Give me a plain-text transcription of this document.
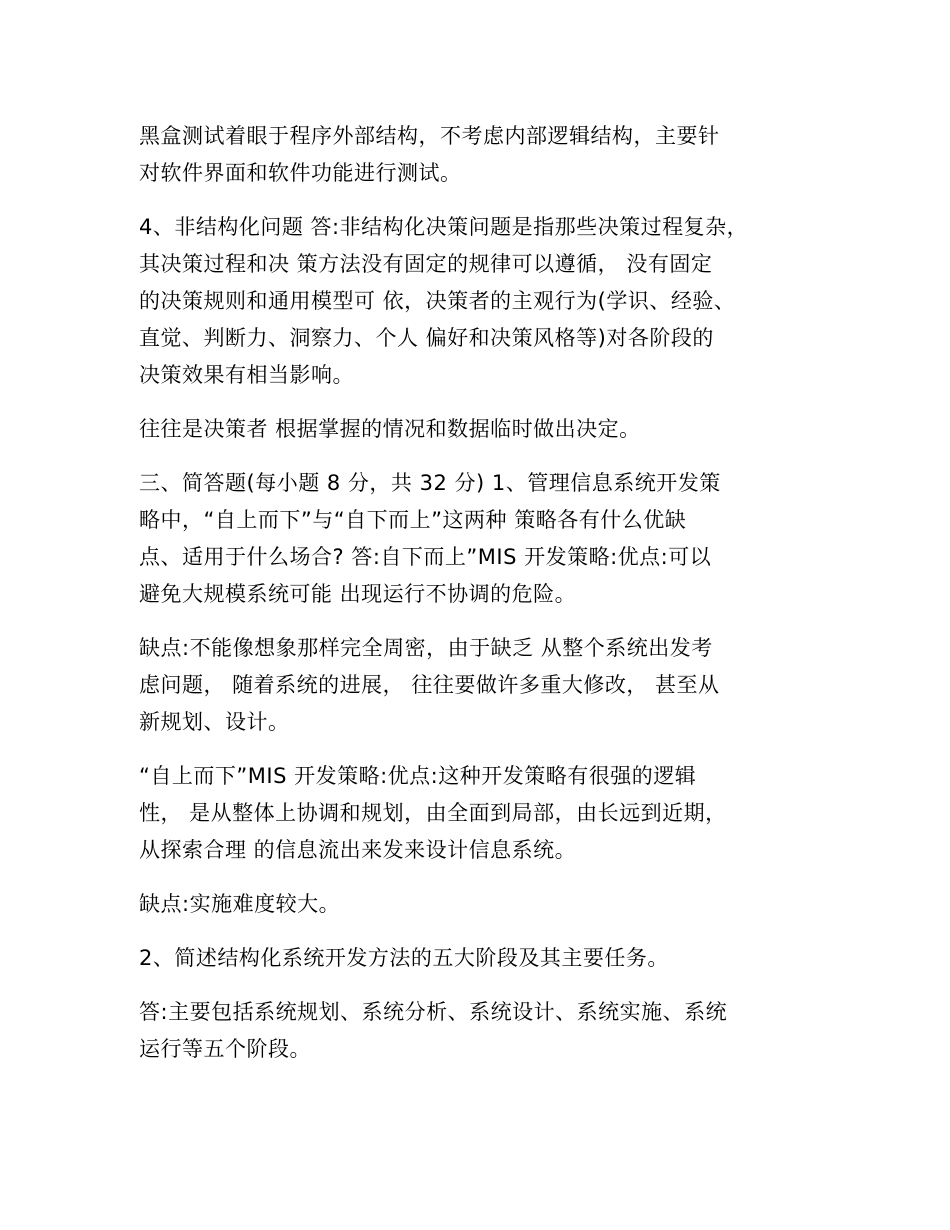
黑盒测试着眼于程序外部结构，不考虑内部逻辑结构，主要针
对软件界面和软件功能进行测试。

4、非结构化问题 答:非结构化决策问题是指那些决策过程复杂，
其决策过程和决 策方法没有固定的规律可以遵循， 没有固定
的决策规则和通用模型可 依，决策者的主观行为(学识、经验、
直觉、判断力、洞察力、个人 偏好和决策风格等)对各阶段的
决策效果有相当影响。

往往是决策者 根据掌握的情况和数据临时做出决定。

三、简答题(每小题 8 分，共 32 分) 1、管理信息系统开发策
略中，“自上而下”与“自下而上”这两种 策略各有什么优缺
点、适用于什么场合? 答:自下而上”MIS 开发策略:优点:可以
避免大规模系统可能 出现运行不协调的危险。

缺点:不能像想象那样完全周密，由于缺乏 从整个系统出发考
虑问题， 随着系统的进展， 往往要做许多重大修改， 甚至从
新规划、设计。

“自上而下”MIS 开发策略:优点:这种开发策略有很强的逻辑
性， 是从整体上协调和规划，由全面到局部，由长远到近期，
从探索合理 的信息流出来发来设计信息系统。

缺点:实施难度较大。

2、简述结构化系统开发方法的五大阶段及其主要任务。

答:主要包括系统规划、系统分析、系统设计、系统实施、系统
运行等五个阶段。
